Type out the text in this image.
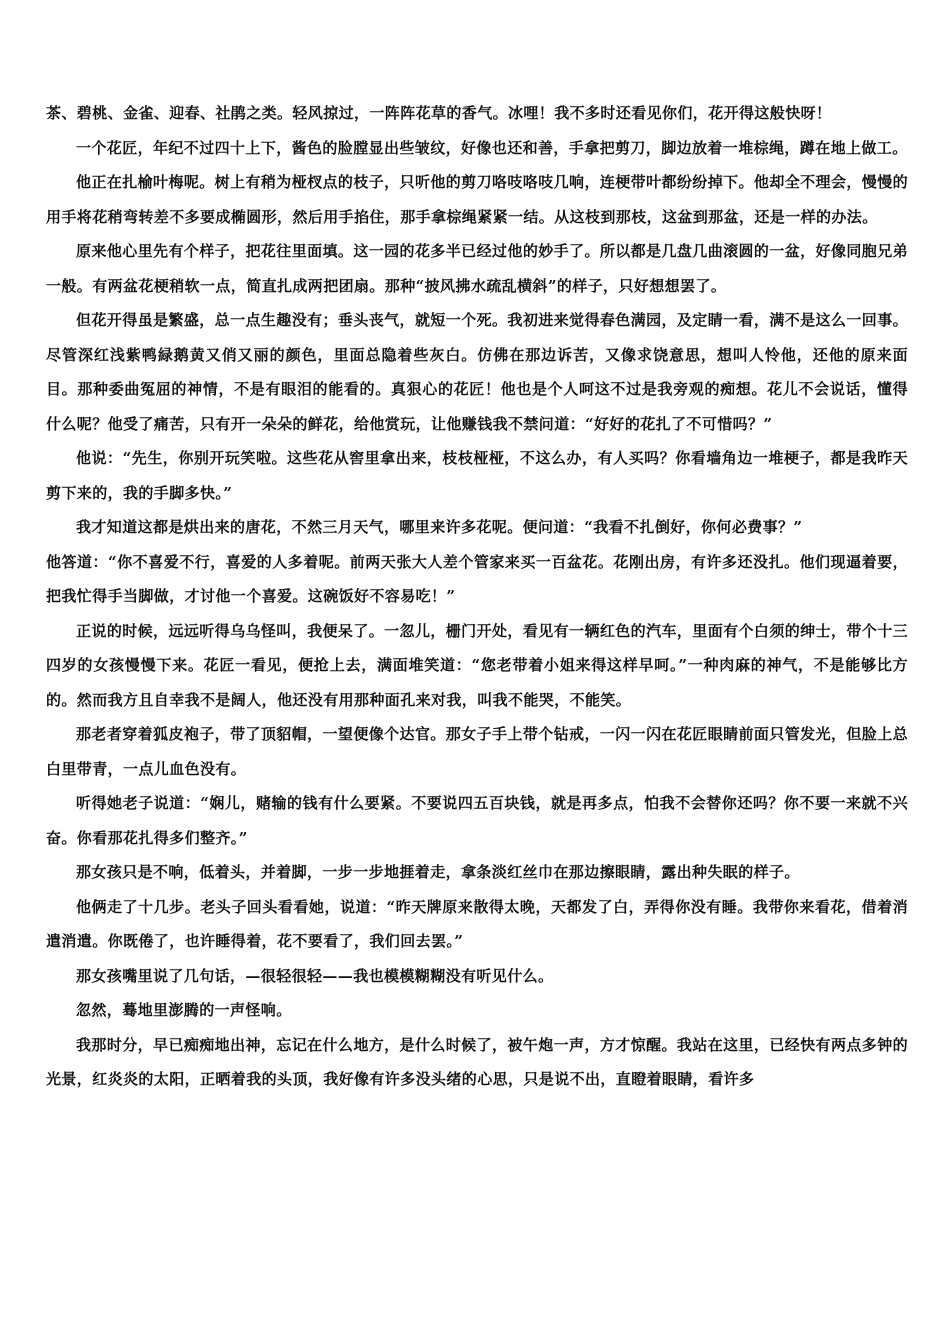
茶、碧桃、金雀、迎春、社鹃之类。轻风掠过，一阵阵花草的香气。冰哩！我不多时还看见你们，花开得这般快呀！

一个花匠，年纪不过四十上下，酱色的脸膛显出些皱纹，好像也还和善，手拿把剪刀，脚边放着一堆棕绳，蹲在地上做工。

他正在扎榆叶梅呢。树上有稍为桠杈点的枝子，只听他的剪刀咯吱咯吱几响，连梗带叶都纷纷掉下。他却全不理会，慢慢的用手将花稍弯转差不多要成椭圆形，然后用手掐住，那手拿棕绳紧紧一结。从这枝到那枝，这盆到那盆，还是一样的办法。

原来他心里先有个样子，把花往里面填。这一园的花多半已经过他的妙手了。所以都是几盘几曲滚圆的一盆，好像同胞兄弟一般。有两盆花梗稍软一点，简直扎成两把团扇。那种“披风拂水疏乱横斜”的样子，只好想想罢了。

但花开得虽是繁盛，总一点生趣没有；垂头丧气，就短一个死。我初进来觉得春色满园，及定睛一看，满不是这么一回事。尽管深红浅紫鸭緑鹅黄又俏又丽的颜色，里面总隐着些灰白。仿佛在那边诉苦，又像求饶意思，想叫人怜他，还他的原来面目。那种委曲冤屈的神情，不是有眼泪的能看的。真狠心的花匠！他也是个人呵这不过是我旁观的痴想。花儿不会说话，懂得什么呢？他受了痛苦，只有开一朵朵的鲜花，给他赏玩，让他赚钱我不禁问道：“好好的花扎了不可惜吗？”

他说：“先生，你别开玩笑啦。这些花从窖里拿出来，枝枝桠桠，不这么办，有人买吗？你看墙角边一堆梗子，都是我昨天剪下来的，我的手脚多快。”

我才知道这都是烘出来的唐花，不然三月天气，哪里来许多花呢。便问道：“我看不扎倒好，你何必费事？”

他答道：“你不喜爱不行，喜爱的人多着呢。前两天张大人差个管家来买一百盆花。花刚出房，有许多还没扎。他们现逼着要，把我忙得手当脚做，才讨他一个喜爱。这碗饭好不容易吃！”

正说的时候，远远听得乌乌怪叫，我便呆了。一忽儿，栅门开处，看见有一辆红色的汽车，里面有个白须的绅士，带个十三四岁的女孩慢慢下来。花匠一看见，便抢上去，满面堆笑道：“您老带着小姐来得这样早呵。”一种肉麻的神气，不是能够比方的。然而我方且自幸我不是阔人，他还没有用那种面孔来对我，叫我不能哭，不能笑。

那老者穿着狐皮袍子，带了顶貂帽，一望便像个达官。那女子手上带个钻戒，一闪一闪在花匠眼睛前面只管发光，但脸上总白里带青，一点儿血色没有。

听得她老子说道：“娴儿，赌输的钱有什么要紧。不要说四五百块钱，就是再多点，怕我不会替你还吗？你不要一来就不兴奋。你看那花扎得多们整齐。”

那女孩只是不响，低着头，并着脚，一步一步地捱着走，拿条淡红丝巾在那边擦眼睛，露出种失眠的样子。

他俩走了十几步。老头子回头看看她，说道：“昨天牌原来散得太晚，天都发了白，弄得你没有睡。我带你来看花，借着消遣消遣。你既倦了，也许睡得着，花不要看了，我们回去罢。”

那女孩嘴里说了几句话，—很轻很轻——我也模模糊糊没有听见什么。

忽然，蓦地里澎腾的一声怪响。

我那时分，早已痴痴地出神，忘记在什么地方，是什么时候了，被午炮一声，方才惊醒。我站在这里，已经快有两点多钟的光景，红炎炎的太阳，正晒着我的头顶，我好像有许多没头绪的心思，只是说不出，直瞪着眼睛，看许多
